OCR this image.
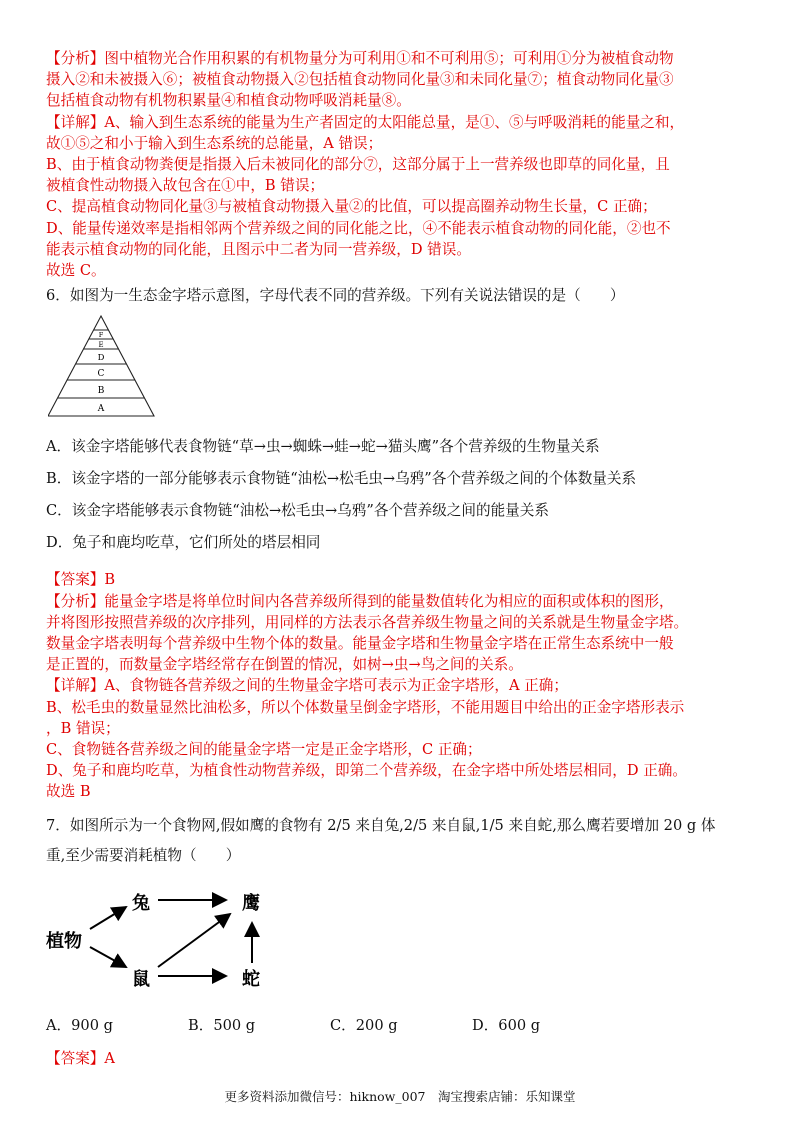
【分析】图中植物光合作用积累的有机物量分为可利用①和不可利用⑤；可利用①分为被植食动物

摄入②和未被摄入⑥；被植食动物摄入②包括植食动物同化量③和未同化量⑦；植食动物同化量③

包括植食动物有机物积累量④和植食动物呼吸消耗量⑧。

【详解】A、输入到生态系统的能量为生产者固定的太阳能总量，是①、⑤与呼吸消耗的能量之和，

故①⑤之和小于输入到生态系统的总能量，A 错误；

B、由于植食动物粪便是指摄入后未被同化的部分⑦，这部分属于上一营养级也即草的同化量，且

被植食性动物摄入故包含在①中，B 错误；

C、提高植食动物同化量③与被植食动物摄入量②的比值，可以提高圈养动物生长量，C 正确；

D、能量传递效率是指相邻两个营养级之间的同化能之比，④不能表示植食动物的同化能，②也不

能表示植食动物的同化能，且图示中二者为同一营养级，D 错误。

故选 C。

6．如图为一生态金字塔示意图，字母代表不同的营养级。下列有关说法错误的是（　　）

A
B
C
D
E
F

A．该金字塔能够代表食物链“草→虫→蜘蛛→蛙→蛇→猫头鹰”各个营养级的生物量关系

B．该金字塔的一部分能够表示食物链“油松→松毛虫→乌鸦”各个营养级之间的个体数量关系

C．该金字塔能够表示食物链“油松→松毛虫→乌鸦”各个营养级之间的能量关系

D．兔子和鹿均吃草，它们所处的塔层相同

【答案】B

【分析】能量金字塔是将单位时间内各营养级所得到的能量数值转化为相应的面积或体积的图形，

并将图形按照营养级的次序排列，用同样的方法表示各营养级生物量之间的关系就是生物量金字塔。

数量金字塔表明每个营养级中生物个体的数量。能量金字塔和生物量金字塔在正常生态系统中一般

是正置的，而数量金字塔经常存在倒置的情况，如树→虫→鸟之间的关系。

【详解】A、食物链各营养级之间的生物量金字塔可表示为正金字塔形，A 正确；

B、松毛虫的数量显然比油松多，所以个体数量呈倒金字塔形，不能用题目中给出的正金字塔形表示

，B 错误；

C、食物链各营养级之间的能量金字塔一定是正金字塔形，C 正确；

D、兔子和鹿均吃草，为植食性动物营养级，即第二个营养级，在金字塔中所处塔层相同，D 正确。

故选 B

7．如图所示为一个食物网,假如鹰的食物有 2/5 来自兔,2/5 来自鼠,1/5 来自蛇,那么鹰若要增加 20 g 体

重,至少需要消耗植物（　　）

植物
兔
鼠
鹰
蛇
A．900 g	B．500 g	C．200 g	D．600 g

【答案】A

更多资料添加微信号：hiknow_007　淘宝搜索店铺：乐知课堂
